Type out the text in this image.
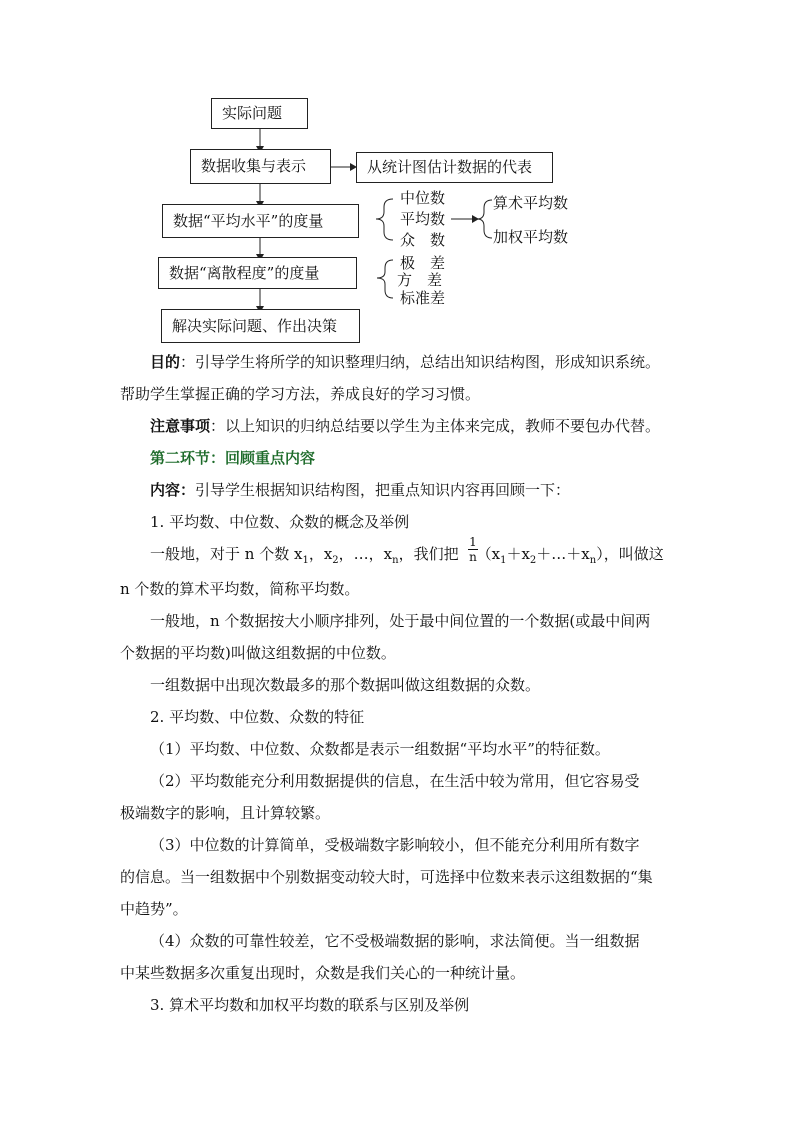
实际问题
数据收集与表示	从统计图估计数据的代表
数据“平均水平”的度量
数据“离散程度”的度量
解决实际问题、作出决策
中位数
平均数
众　数
算术平均数
加权平均数
极　差
方　差
标准差
目的：引导学生将所学的知识整理归纳，总结出知识结构图，形成知识系统。
帮助学生掌握正确的学习方法，养成良好的学习习惯。
注意事项：以上知识的归纳总结要以学生为主体来完成，教师不要包办代替。
第二环节：回顾重点内容
内容：引导学生根据知识结构图，把重点知识内容再回顾一下：
1. 平均数、中位数、众数的概念及举例
一般地，对于 n 个数 $x_1$，$x_2$，…，$x_n$，我们把 $(x_1+x_2+\dots+x_n)$，叫做这
$\frac{1}{n}$
n 个数的算术平均数，简称平均数。
一般地，n 个数据按大小顺序排列，处于最中间位置的一个数据(或最中间两
个数据的平均数)叫做这组数据的中位数。
一组数据中出现次数最多的那个数据叫做这组数据的众数。
2. 平均数、中位数、众数的特征
（1）平均数、中位数、众数都是表示一组数据“平均水平”的特征数。
（2）平均数能充分利用数据提供的信息，在生活中较为常用，但它容易受
极端数字的影响，且计算较繁。
（3）中位数的计算简单，受极端数字影响较小，但不能充分利用所有数字
的信息。当一组数据中个别数据变动较大时，可选择中位数来表示这组数据的“集
中趋势”。
（4）众数的可靠性较差，它不受极端数据的影响，求法简便。当一组数据
中某些数据多次重复出现时，众数是我们关心的一种统计量。
3. 算术平均数和加权平均数的联系与区别及举例
